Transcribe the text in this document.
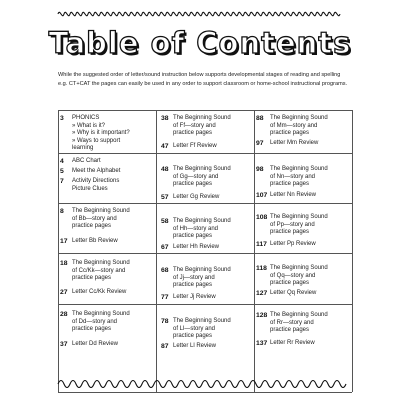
Table of Contents
While the suggested order of letter/sound instruction below supports developmental stages of reading and spelling e.g. CT+CAT the pages can easily be used in any order to support classroom or home-school instructional programs.
3 PHONICS
» What is it?
» Why is it important?
» Ways to support learning
4 ABC Chart
5 Meet the Alphabet
7 Activity Directions Picture Clues
8 The Beginning Sound of Bb—story and practice pages
17 Letter Bb Review
18 The Beginning Sound of Cc/Kk—story and practice pages
27 Letter Cc/Kk Review
28 The Beginning Sound of Dd—story and practice pages
37 Letter Dd Review
38 The Beginning Sound of Ff—story and practice pages
47 Letter Ff Review
48 The Beginning Sound of Gg—story and practice pages
57 Letter Gg Review
58 The Beginning Sound of Hh—story and practice pages
67 Letter Hh Review
68 The Beginning Sound of Jj—story and practice pages
77 Letter Jj Review
78 The Beginning Sound of Ll—story and practice pages
87 Letter Ll Review
88 The Beginning Sound of Mm—story and practice pages
97 Letter Mm Review
98 The Beginning Sound of Nn—story and practice pages
107 Letter Nn Review
108 The Beginning Sound of Pp—story and practice pages
117 Letter Pp Review
118 The Beginning Sound of Qq—story and practice pages
127 Letter Qq Review
128 The Beginning Sound of Rr—story and practice pages
137 Letter Rr Review
